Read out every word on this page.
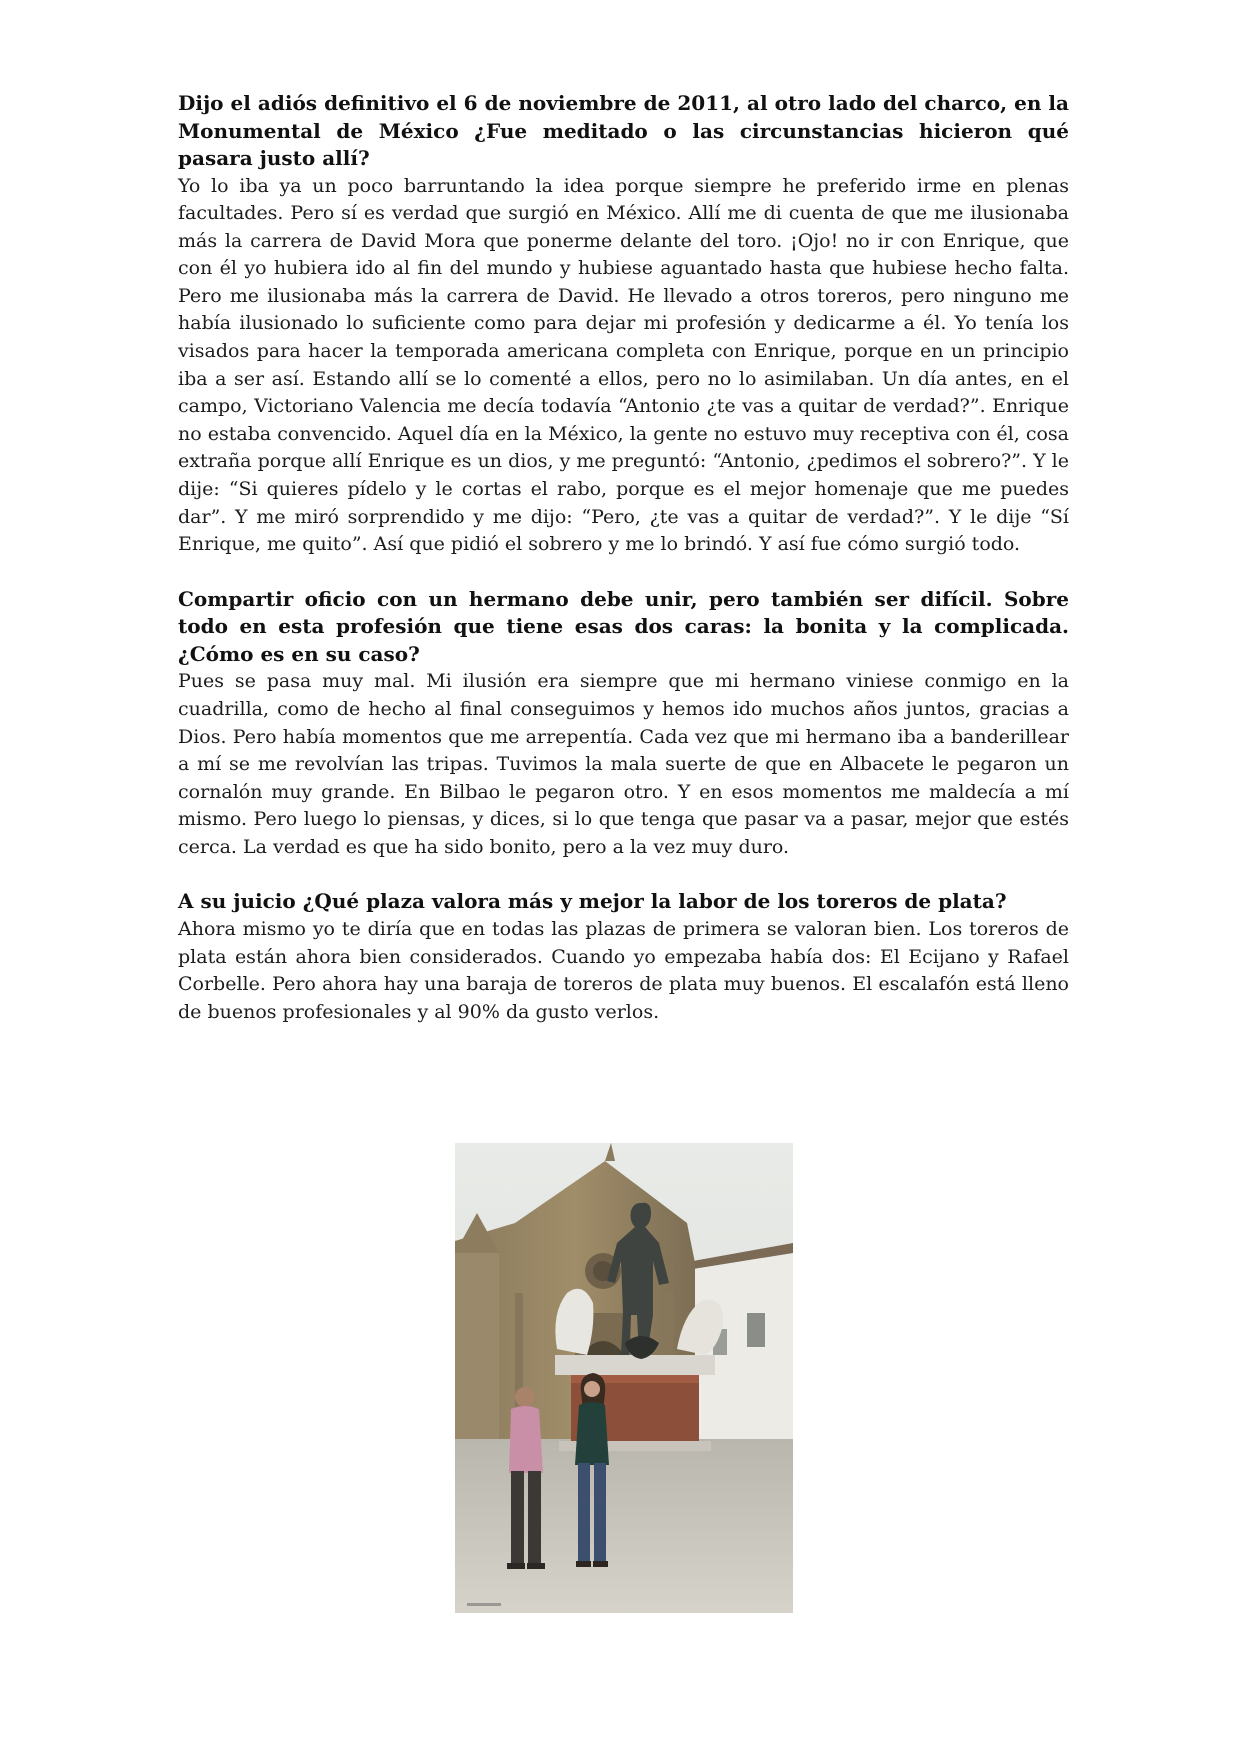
Dijo el adiós definitivo el 6 de noviembre de 2011, al otro lado del charco, en la Monumental de México ¿Fue meditado o las circunstancias hicieron qué pasara justo allí?

Yo lo iba ya un poco barruntando la idea porque siempre he preferido irme en plenas facultades. Pero sí es verdad que surgió en México. Allí me di cuenta de que me ilusionaba más la carrera de David Mora que ponerme delante del toro. ¡Ojo! no ir con Enrique, que con él yo hubiera ido al fin del mundo y hubiese aguantado hasta que hubiese hecho falta. Pero me ilusionaba más la carrera de David. He llevado a otros toreros, pero ninguno me había ilusionado lo suficiente como para dejar mi profesión y dedicarme a él. Yo tenía los visados para hacer la temporada americana completa con Enrique, porque en un principio iba a ser así. Estando allí se lo comenté a ellos, pero no lo asimilaban. Un día antes, en el campo, Victoriano Valencia me decía todavía “Antonio ¿te vas a quitar de verdad?”. Enrique no estaba convencido. Aquel día en la México, la gente no estuvo muy receptiva con él, cosa extraña porque allí Enrique es un dios, y me preguntó: “Antonio, ¿pedimos el sobrero?”. Y le dije: “Si quieres pídelo y le cortas el rabo, porque es el mejor homenaje que me puedes dar”. Y me miró sorprendido y me dijo: “Pero, ¿te vas a quitar de verdad?”. Y le dije “Sí Enrique, me quito”. Así que pidió el sobrero y me lo brindó. Y así fue cómo surgió todo.

Compartir oficio con un hermano debe unir, pero también ser difícil. Sobre todo en esta profesión que tiene esas dos caras: la bonita y la complicada. ¿Cómo es en su caso?

Pues se pasa muy mal. Mi ilusión era siempre que mi hermano viniese conmigo en la cuadrilla, como de hecho al final conseguimos y hemos ido muchos años juntos, gracias a Dios. Pero había momentos que me arrepentía. Cada vez que mi hermano iba a banderillear a mí se me revolvían las tripas. Tuvimos la mala suerte de que en Albacete le pegaron un cornalón muy grande. En Bilbao le pegaron otro. Y en esos momentos me maldecía a mí mismo. Pero luego lo piensas, y dices, si lo que tenga que pasar va a pasar, mejor que estés cerca. La verdad es que ha sido bonito, pero a la vez muy duro.

A su juicio ¿Qué plaza valora más y mejor la labor de los toreros de plata?

Ahora mismo yo te diría que en todas las plazas de primera se valoran bien. Los toreros de plata están ahora bien considerados. Cuando yo empezaba había dos: El Ecijano y Rafael Corbelle. Pero ahora hay una baraja de toreros de plata muy buenos. El escalafón está lleno de buenos profesionales y al 90% da gusto verlos.
